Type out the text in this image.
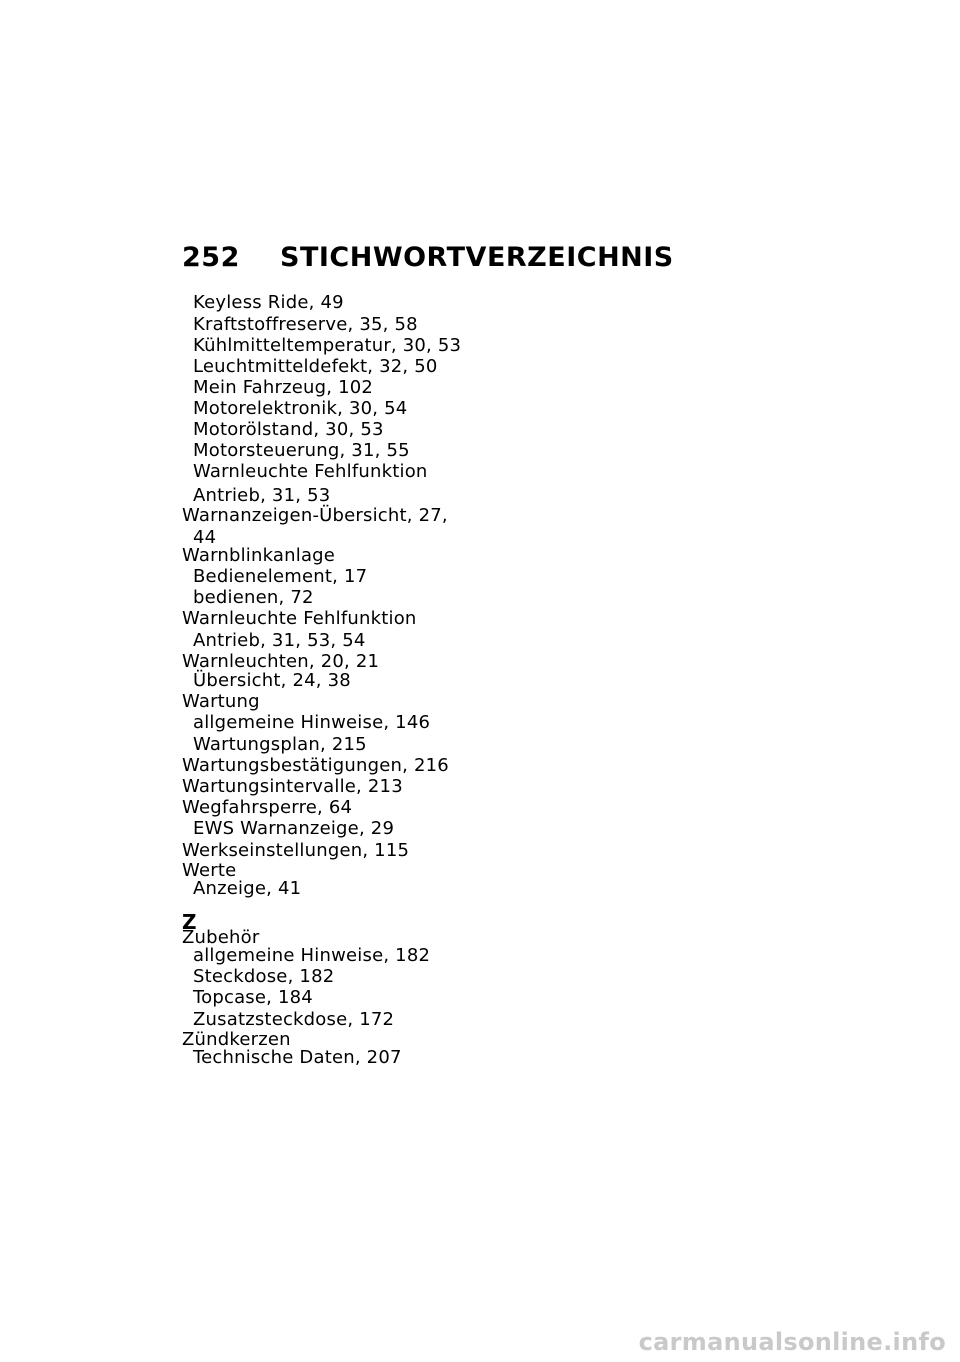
252 STICHWORTVERZEICHNIS
Keyless Ride, 49
Kraftstoffreserve, 35, 58
Kühlmitteltemperatur, 30, 53
Leuchtmitteldefekt, 32, 50
Mein Fahrzeug, 102
Motorelektronik, 30, 54
Motorölstand, 30, 53
Motorsteuerung, 31, 55
Warnleuchte Fehlfunktion
Antrieb, 31, 53
Warnanzeigen-Übersicht, 27,
44
Warnblinkanlage
Bedienelement, 17
bedienen, 72
Warnleuchte Fehlfunktion
Antrieb, 31, 53, 54
Warnleuchten, 20, 21
Übersicht, 24, 38
Wartung
allgemeine Hinweise, 146
Wartungsplan, 215
Wartungsbestätigungen, 216
Wartungsintervalle, 213
Wegfahrsperre, 64
EWS Warnanzeige, 29
Werkseinstellungen, 115
Werte
Anzeige, 41
Z
Zubehör
allgemeine Hinweise, 182
Steckdose, 182
Topcase, 184
Zusatzsteckdose, 172
Zündkerzen
Technische Daten, 207
carmanualsonline.info
